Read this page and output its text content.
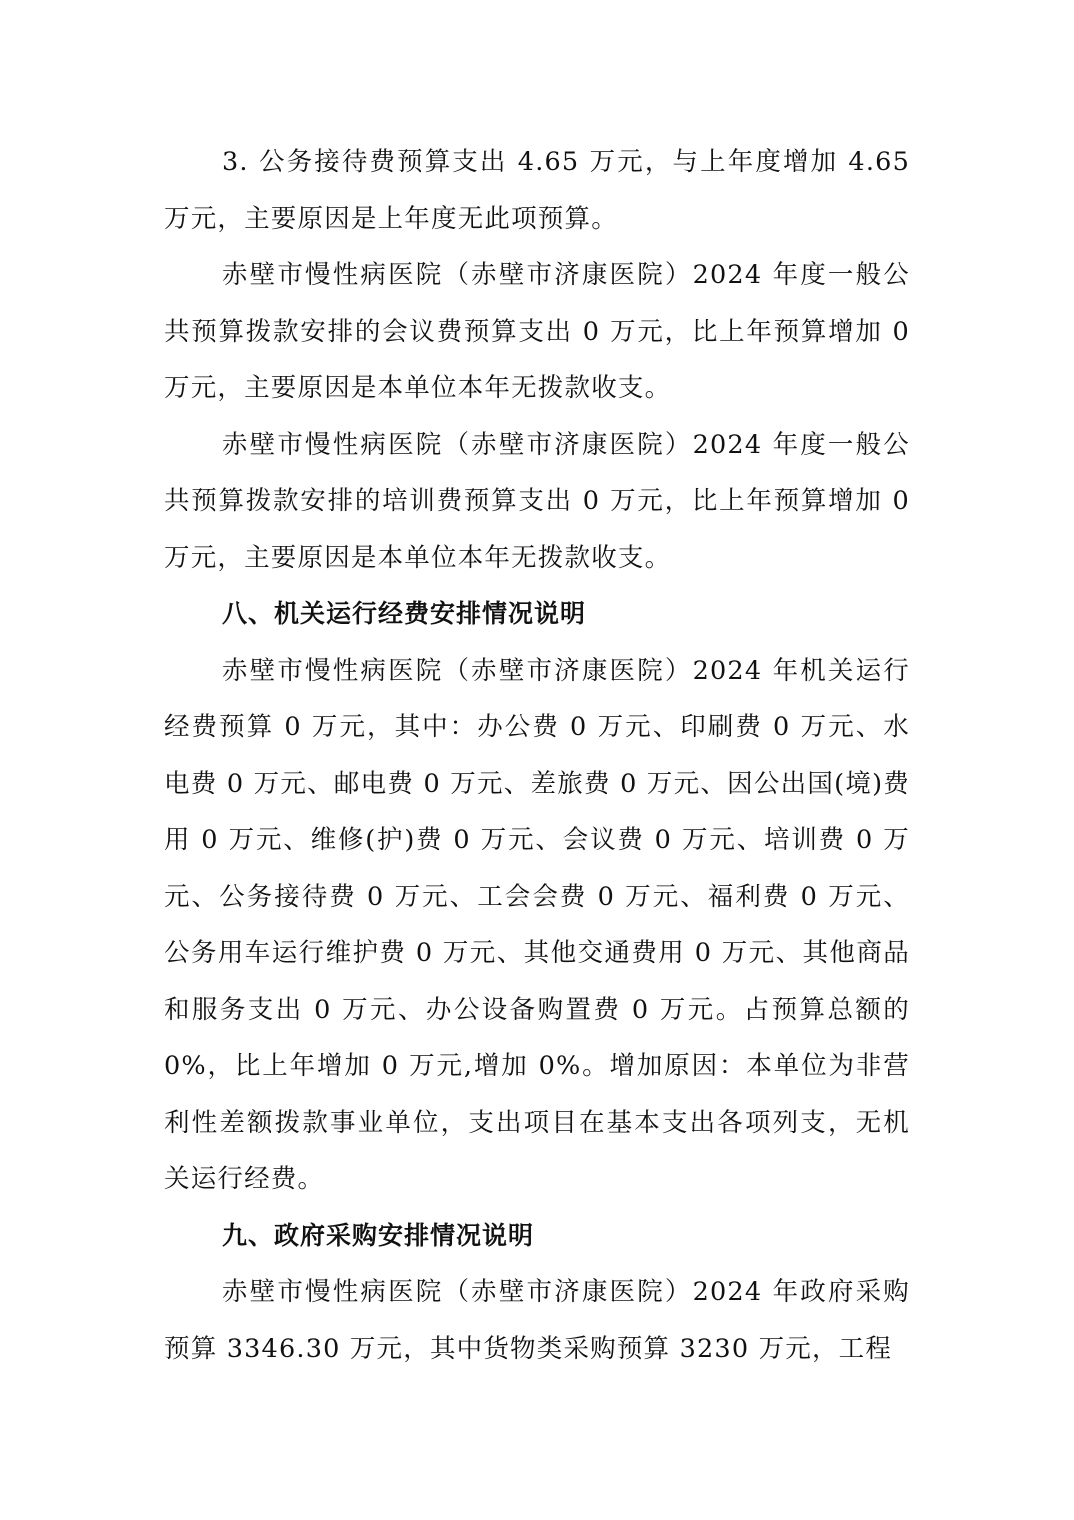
3. 公务接待费预算支出 4.65 万元，与上年度增加 4.65 万元，主要原因是上年度无此项预算。

赤壁市慢性病医院（赤壁市济康医院）2024 年度一般公共预算拨款安排的会议费预算支出 0 万元，比上年预算增加 0 万元，主要原因是本单位本年无拨款收支。

赤壁市慢性病医院（赤壁市济康医院）2024 年度一般公共预算拨款安排的培训费预算支出 0 万元，比上年预算增加 0 万元，主要原因是本单位本年无拨款收支。

八、机关运行经费安排情况说明

赤壁市慢性病医院（赤壁市济康医院）2024 年机关运行经费预算 0 万元，其中：办公费 0 万元、印刷费 0 万元、水电费 0 万元、邮电费 0 万元、差旅费 0 万元、因公出国(境)费用 0 万元、维修(护)费 0 万元、会议费 0 万元、培训费 0 万元、公务接待费 0 万元、工会会费 0 万元、福利费 0 万元、公务用车运行维护费 0 万元、其他交通费用 0 万元、其他商品和服务支出 0 万元、办公设备购置费 0 万元。占预算总额的 0%，比上年增加 0 万元,增加 0%。增加原因：本单位为非营利性差额拨款事业单位，支出项目在基本支出各项列支，无机关运行经费。

九、政府采购安排情况说明

赤壁市慢性病医院（赤壁市济康医院）2024 年政府采购预算 3346.30 万元，其中货物类采购预算 3230 万元，工程
